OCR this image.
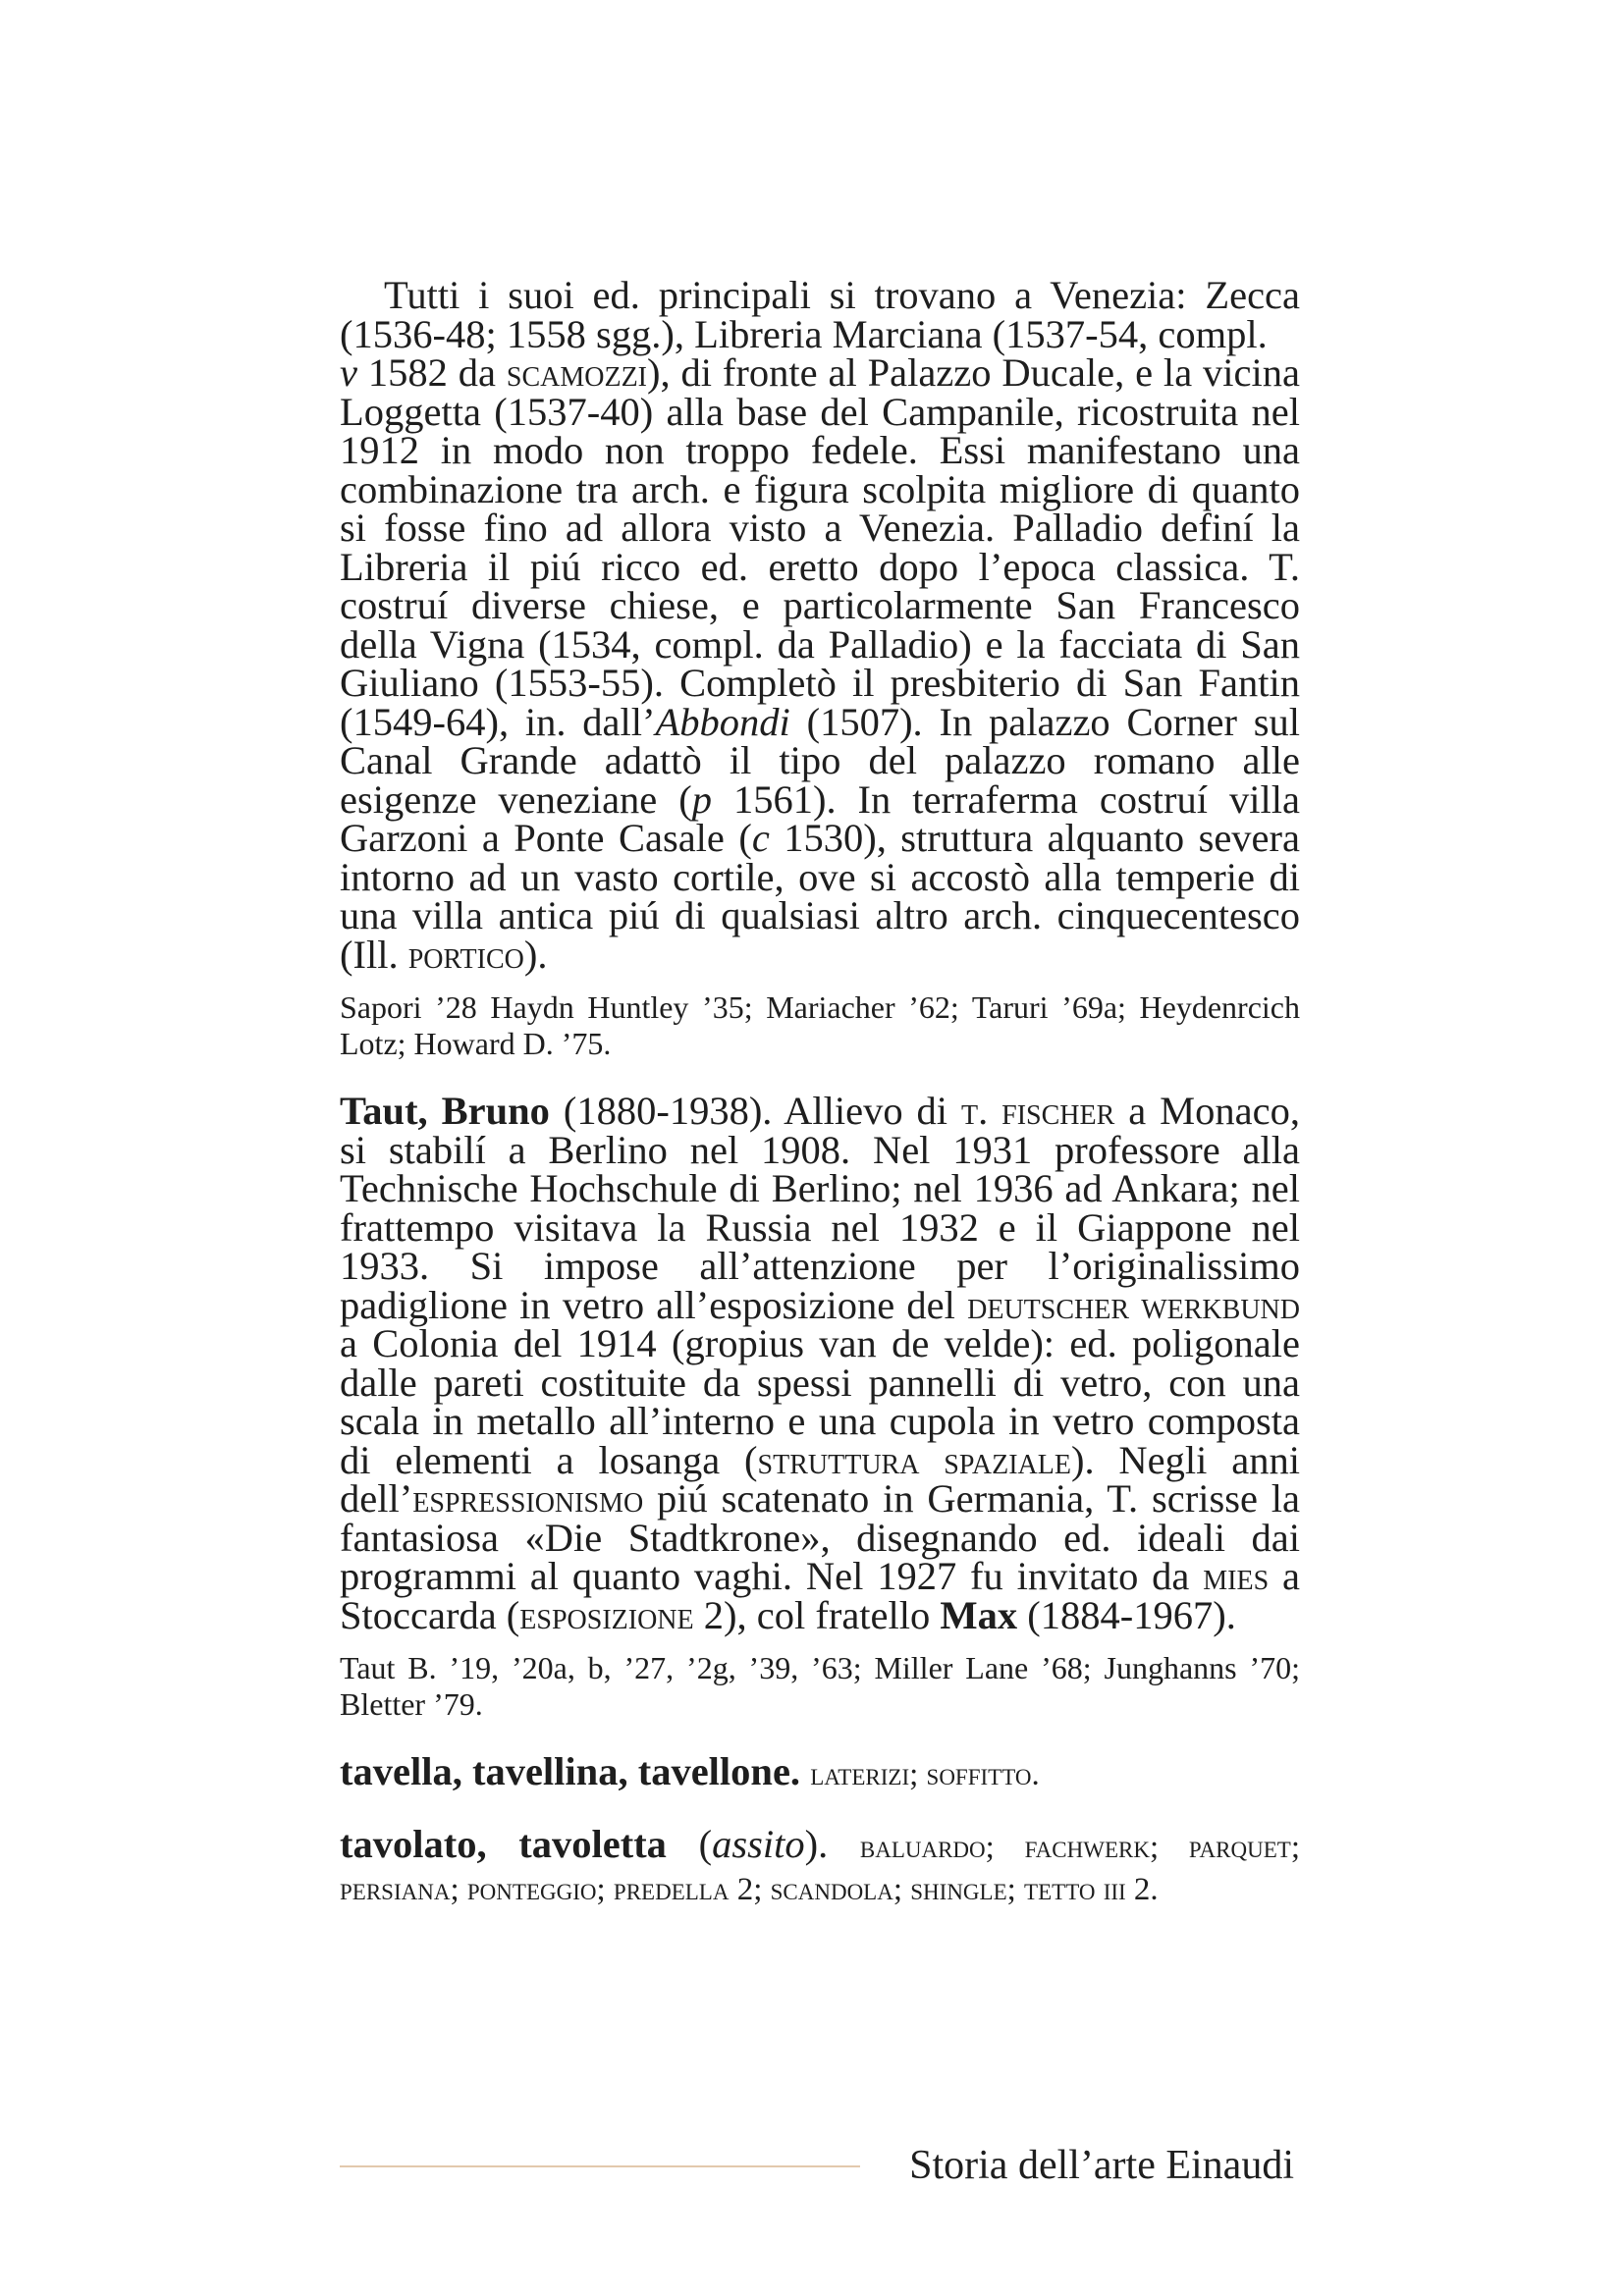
Tutti i suoi ed. principali si trovano a Venezia: Zecca (1536-48; 1558 sgg.), Libreria Marciana (1537-54, compl.
v 1582 da scamozzi), di fronte al Palazzo Ducale, e la vicina Loggetta (1537-40) alla base del Campanile, ricostruita nel 1912 in modo non troppo fedele. Essi manifestano una combinazione tra arch. e figura scolpita migliore di quanto si fosse fino ad allora visto a Venezia. Palladio definí la Libreria il piú ricco ed. eretto dopo l’epoca classica. T. costruí diverse chiese, e particolarmente San Francesco della Vigna (1534, compl. da Palladio) e la facciata di San Giuliano (1553-55). Completò il presbiterio di San Fantin (1549-64), in. dall’Abbondi (1507). In palazzo Corner sul Canal Grande adattò il tipo del palazzo romano alle esigenze veneziane (p 1561). In terraferma costruí villa Garzoni a Ponte Casale (c 1530), struttura alquanto severa intorno ad un vasto cortile, ove si accostò alla temperie di una villa antica piú di qualsiasi altro arch. cinquecentesco (Ill. portico).

Sapori ’28 Haydn Huntley ’35; Mariacher ’62; Taruri ’69a; Heydenrcich Lotz; Howard D. ’75.

Taut, Bruno (1880-1938). Allievo di t. fischer a Monaco, si stabilí a Berlino nel 1908. Nel 1931 professore alla Technische Hochschule di Berlino; nel 1936 ad Ankara; nel frattempo visitava la Russia nel 1932 e il Giappone nel 1933. Si impose all’attenzione per l’originalissimo padiglione in vetro all’esposizione del deutscher werkbund a Colonia del 1914 (gropius van de velde): ed. poligonale dalle pareti costituite da spessi pannelli di vetro, con una scala in metallo all’interno e una cupola in vetro composta di elementi a losanga (struttura spaziale). Negli anni dell’espressionismo piú scatenato in Germania, T. scrisse la fantasiosa «Die Stadtkrone», disegnando ed. ideali dai programmi al quanto vaghi. Nel 1927 fu invitato da mies a Stoccarda (esposizione 2), col fratello Max (1884-1967).

Taut B. ’19, ’20a, b, ’27, ’2g, ’39, ’63; Miller Lane ’68; Junghanns ’70; Bletter ’79.

tavella, tavellina, tavellone. laterizi; soffitto.

tavolato, tavoletta (assito). baluardo; fachwerk; parquet; persiana; ponteggio; predella 2; scandola; shingle; tetto iii 2.

Storia dell’arte Einaudi
